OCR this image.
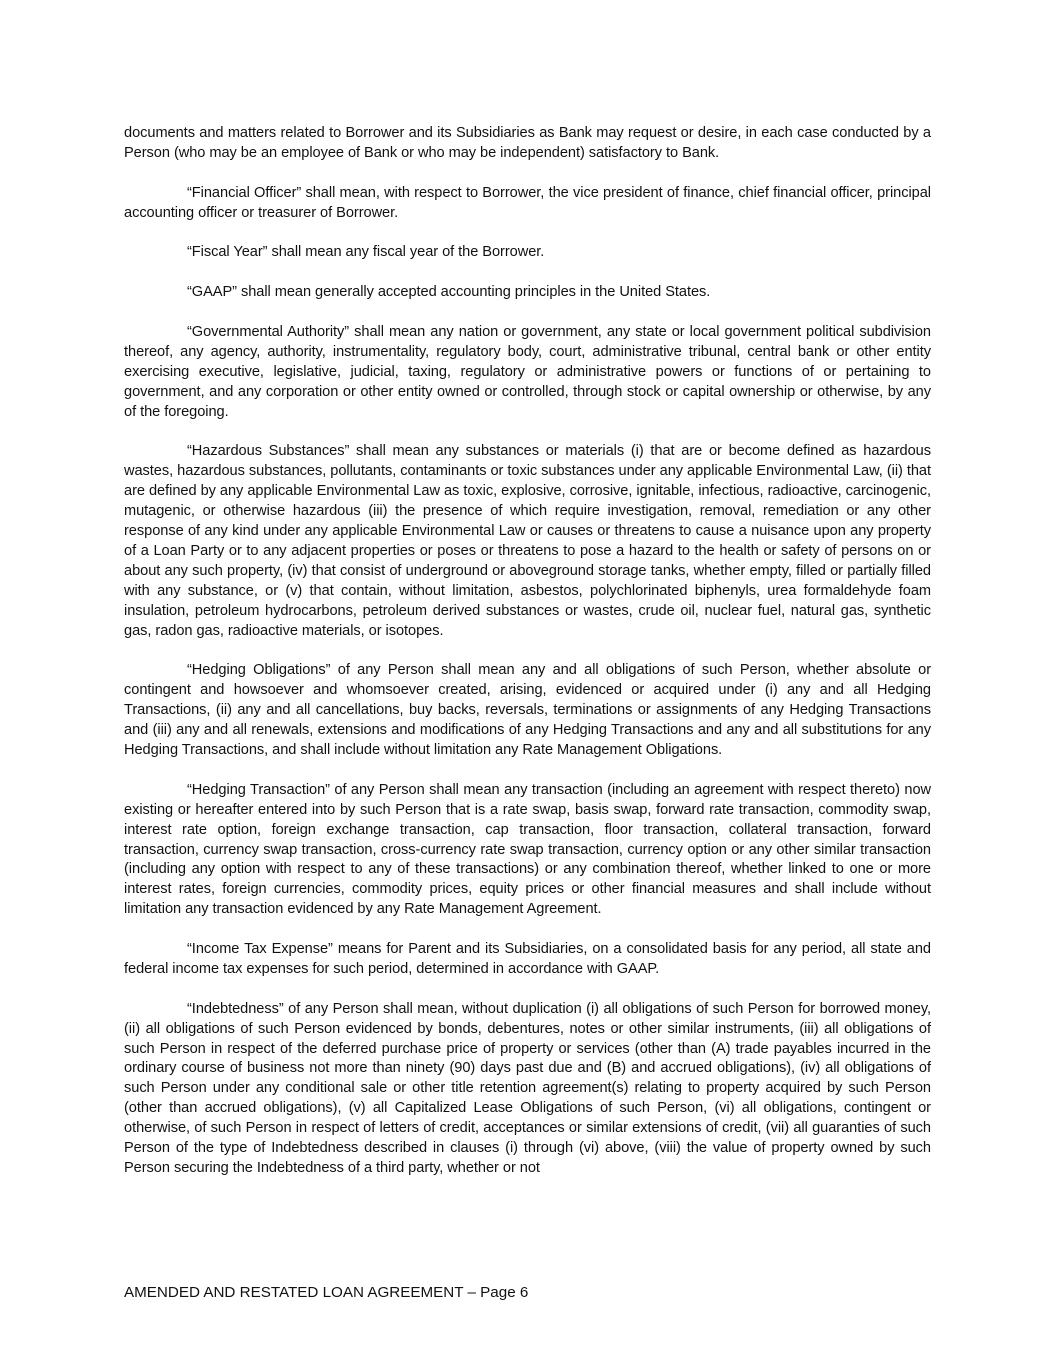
documents and matters related to Borrower and its Subsidiaries as Bank may request or desire, in each case conducted by a Person (who may be an employee of Bank or who may be independent) satisfactory to Bank.

“Financial Officer” shall mean, with respect to Borrower, the vice president of finance, chief financial officer, principal accounting officer or treasurer of Borrower.

“Fiscal Year” shall mean any fiscal year of the Borrower.

“GAAP” shall mean generally accepted accounting principles in the United States.

“Governmental Authority” shall mean any nation or government, any state or local government political subdivision thereof, any agency, authority, instrumentality, regulatory body, court, administrative tribunal, central bank or other entity exercising executive, legislative, judicial, taxing, regulatory or administrative powers or functions of or pertaining to government, and any corporation or other entity owned or controlled, through stock or capital ownership or otherwise, by any of the foregoing.

“Hazardous Substances” shall mean any substances or materials (i) that are or become defined as hazardous wastes, hazardous substances, pollutants, contaminants or toxic substances under any applicable Environmental Law, (ii) that are defined by any applicable Environmental Law as toxic, explosive, corrosive, ignitable, infectious, radioactive, carcinogenic, mutagenic, or otherwise hazardous (iii) the presence of which require investigation, removal, remediation or any other response of any kind under any applicable Environmental Law or causes or threatens to cause a nuisance upon any property of a Loan Party or to any adjacent properties or poses or threatens to pose a hazard to the health or safety of persons on or about any such property, (iv) that consist of underground or aboveground storage tanks, whether empty, filled or partially filled with any substance, or (v) that contain, without limitation, asbestos, polychlorinated biphenyls, urea formaldehyde foam insulation, petroleum hydrocarbons, petroleum derived substances or wastes, crude oil, nuclear fuel, natural gas, synthetic gas, radon gas, radioactive materials, or isotopes.

“Hedging Obligations” of any Person shall mean any and all obligations of such Person, whether absolute or contingent and howsoever and whomsoever created, arising, evidenced or acquired under (i) any and all Hedging Transactions, (ii) any and all cancellations, buy backs, reversals, terminations or assignments of any Hedging Transactions and (iii) any and all renewals, extensions and modifications of any Hedging Transactions and any and all substitutions for any Hedging Transactions, and shall include without limitation any Rate Management Obligations.

“Hedging Transaction” of any Person shall mean any transaction (including an agreement with respect thereto) now existing or hereafter entered into by such Person that is a rate swap, basis swap, forward rate transaction, commodity swap, interest rate option, foreign exchange transaction, cap transaction, floor transaction, collateral transaction, forward transaction, currency swap transaction, cross-currency rate swap transaction, currency option or any other similar transaction (including any option with respect to any of these transactions) or any combination thereof, whether linked to one or more interest rates, foreign currencies, commodity prices, equity prices or other financial measures and shall include without limitation any transaction evidenced by any Rate Management Agreement.

“Income Tax Expense” means for Parent and its Subsidiaries, on a consolidated basis for any period, all state and federal income tax expenses for such period, determined in accordance with GAAP.

“Indebtedness” of any Person shall mean, without duplication (i) all obligations of such Person for borrowed money, (ii) all obligations of such Person evidenced by bonds, debentures, notes or other similar instruments, (iii) all obligations of such Person in respect of the deferred purchase price of property or services (other than (A) trade payables incurred in the ordinary course of business not more than ninety (90) days past due and (B) and accrued obligations), (iv) all obligations of such Person under any conditional sale or other title retention agreement(s) relating to property acquired by such Person (other than accrued obligations), (v) all Capitalized Lease Obligations of such Person, (vi) all obligations, contingent or otherwise, of such Person in respect of letters of credit, acceptances or similar extensions of credit, (vii) all guaranties of such Person of the type of Indebtedness described in clauses (i) through (vi) above, (viii) the value of property owned by such Person securing the Indebtedness of a third party, whether or not

AMENDED AND RESTATED LOAN AGREEMENT – Page 6
